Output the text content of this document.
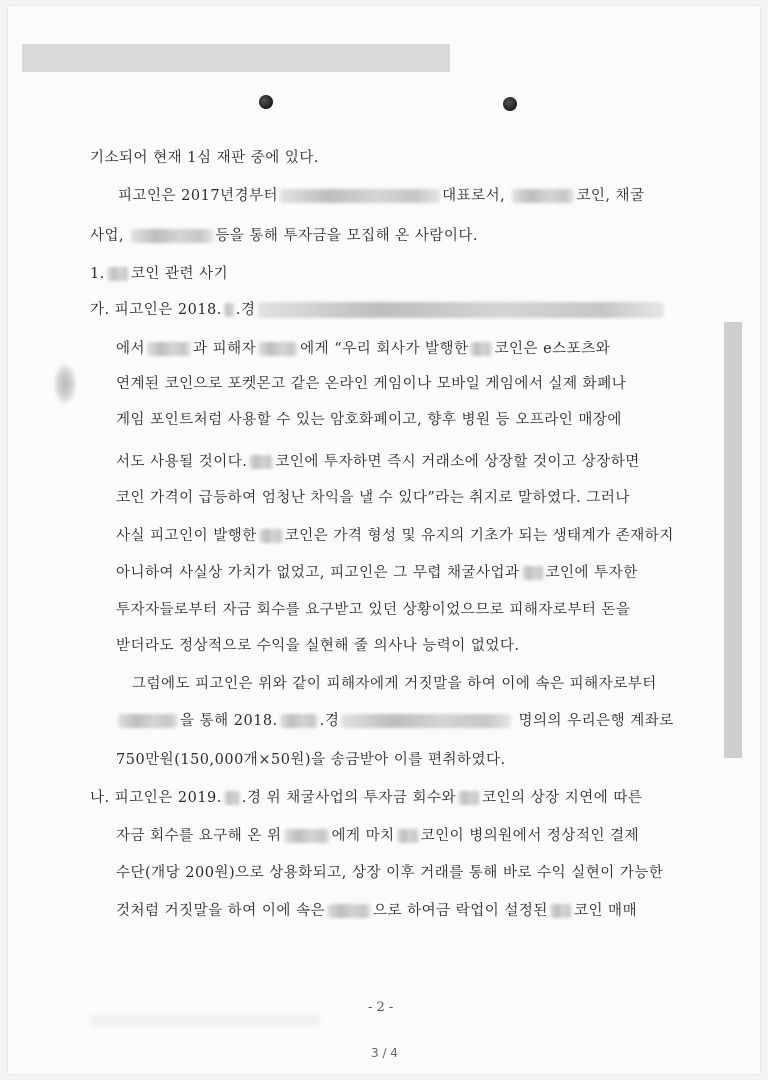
기소되어 현재 1심 재판 중에 있다.
피고인은 2017년경부터	대표로서,	코인, 채굴
사업,	등을 통해 투자금을 모집해 온 사람이다.
1. 코인 관련 사기
가. 피고인은 2018. .경
에서	과 피해자	에게 “우리 회사가 발행한 코인은 e스포츠와
연계된 코인으로 포켓몬고 같은 온라인 게임이나 모바일 게임에서 실제 화폐나
게임 포인트처럼 사용할 수 있는 암호화폐이고, 향후 병원 등 오프라인 매장에
서도 사용될 것이다. 코인에 투자하면 즉시 거래소에 상장할 것이고 상장하면
코인 가격이 급등하여 엄청난 차익을 낼 수 있다”라는 취지로 말하였다. 그러나
사실 피고인이 발행한 코인은 가격 형성 및 유지의 기초가 되는 생태계가 존재하지
아니하여 사실상 가치가 없었고, 피고인은 그 무렵 채굴사업과 코인에 투자한
투자자들로부터 자금 회수를 요구받고 있던 상황이었으므로 피해자로부터 돈을
받더라도 정상적으로 수익을 실현해 줄 의사나 능력이 없었다.
그럼에도 피고인은 위와 같이 피해자에게 거짓말을 하여 이에 속은 피해자로부터
을 통해 2018.	.경	명의의 우리은행 계좌로
750만원(150,000개×50원)을 송금받아 이를 편취하였다.
나. 피고인은 2019. .경 위 채굴사업의 투자금 회수와 코인의 상장 지연에 따른
자금 회수를 요구해 온 위	에게 마치 코인이 병의원에서 정상적인 결제
수단(개당 200원)으로 상용화되고, 상장 이후 거래를 통해 바로 수익 실현이 가능한
것처럼 거짓말을 하여 이에 속은	으로 하여금 락업이 설정된 코인 매매
- 2 -
3 / 4
